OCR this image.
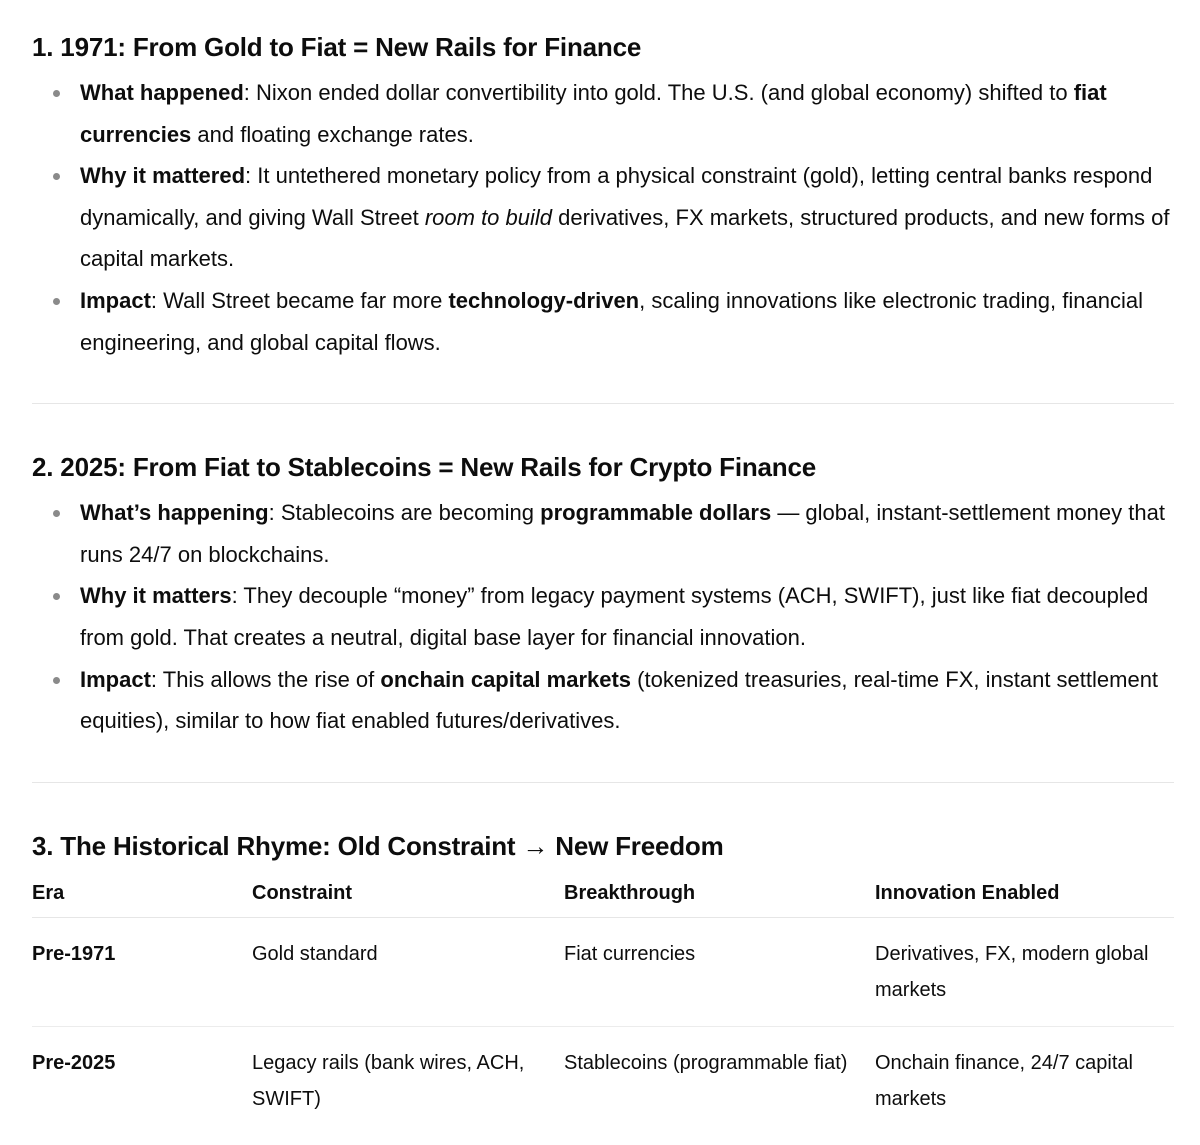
1. 1971: From Gold to Fiat = New Rails for Finance
What happened: Nixon ended dollar convertibility into gold. The U.S. (and global economy) shifted to fiat currencies and floating exchange rates.
Why it mattered: It untethered monetary policy from a physical constraint (gold), letting central banks respond dynamically, and giving Wall Street room to build derivatives, FX markets, structured products, and new forms of capital markets.
Impact: Wall Street became far more technology-driven, scaling innovations like electronic trading, financial engineering, and global capital flows.
2. 2025: From Fiat to Stablecoins = New Rails for Crypto Finance
What’s happening: Stablecoins are becoming programmable dollars — global, instant-settlement money that runs 24/7 on blockchains.
Why it matters: They decouple “money” from legacy payment systems (ACH, SWIFT), just like fiat decoupled from gold. That creates a neutral, digital base layer for financial innovation.
Impact: This allows the rise of onchain capital markets (tokenized treasuries, real-time FX, instant settlement equities), similar to how fiat enabled futures/derivatives.
3. The Historical Rhyme: Old Constraint → New Freedom
Era	Constraint	Breakthrough	Innovation Enabled
Pre-1971	Gold standard	Fiat currencies	Derivatives, FX, modern global markets
Pre-2025	Legacy rails (bank wires, ACH, SWIFT)	Stablecoins (programmable fiat)	Onchain finance, 24/7 capital markets
